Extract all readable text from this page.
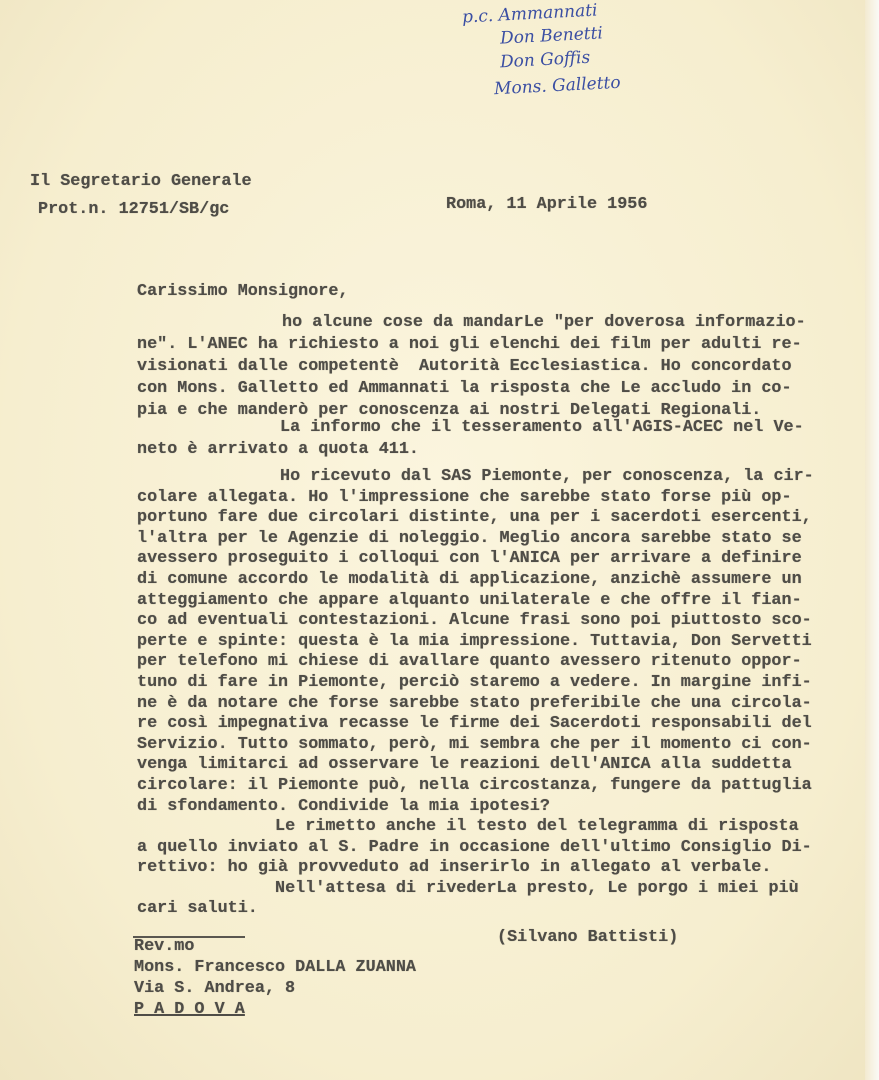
p.c. Ammannati
Don Benetti
Don Goffis
Mons. Galletto
Il Segretario Generale
Prot.n. 12751/SB/gc	Roma, 11 Aprile 1956
Carissimo Monsignore,
ho alcune cose da mandarLe "per doverosa informazio-
ne". L'ANEC ha richiesto a noi gli elenchi dei film per adulti re-
visionati dalle competentè  Autorità Ecclesiastica. Ho concordato
con Mons. Galletto ed Ammannati la risposta che Le accludo in co-
pia e che manderò per conoscenza ai nostri Delegati Regionali.
La informo che il tesseramento all'AGIS-ACEC nel Ve-
neto è arrivato a quota 411.
Ho ricevuto dal SAS Piemonte, per conoscenza, la cir-
colare allegata. Ho l'impressione che sarebbe stato forse più op-
portuno fare due circolari distinte, una per i sacerdoti esercenti,
l'altra per le Agenzie di noleggio. Meglio ancora sarebbe stato se
avessero proseguito i colloqui con l'ANICA per arrivare a definire
di comune accordo le modalità di applicazione, anzichè assumere un
atteggiamento che appare alquanto unilaterale e che offre il fian-
co ad eventuali contestazioni. Alcune frasi sono poi piuttosto sco-
perte e spinte: questa è la mia impressione. Tuttavia, Don Servetti
per telefono mi chiese di avallare quanto avessero ritenuto oppor-
tuno di fare in Piemonte, perciò staremo a vedere. In margine infi-
ne è da notare che forse sarebbe stato preferibile che una circola-
re così impegnativa recasse le firme dei Sacerdoti responsabili del
Servizio. Tutto sommato, però, mi sembra che per il momento ci con-
venga limitarci ad osservare le reazioni dell'ANICA alla suddetta
circolare: il Piemonte può, nella circostanza, fungere da pattuglia
di sfondamento. Condivide la mia ipotesi?
Le rimetto anche il testo del telegramma di risposta
a quello inviato al S. Padre in occasione dell'ultimo Consiglio Di-
rettivo: ho già provveduto ad inserirlo in allegato al verbale.
Nell'attesa di rivederLa presto, Le porgo i miei più
cari saluti.
(Silvano Battisti)
Rev.mo
Mons. Francesco DALLA ZUANNA
Via S. Andrea, 8
P A D O V A
